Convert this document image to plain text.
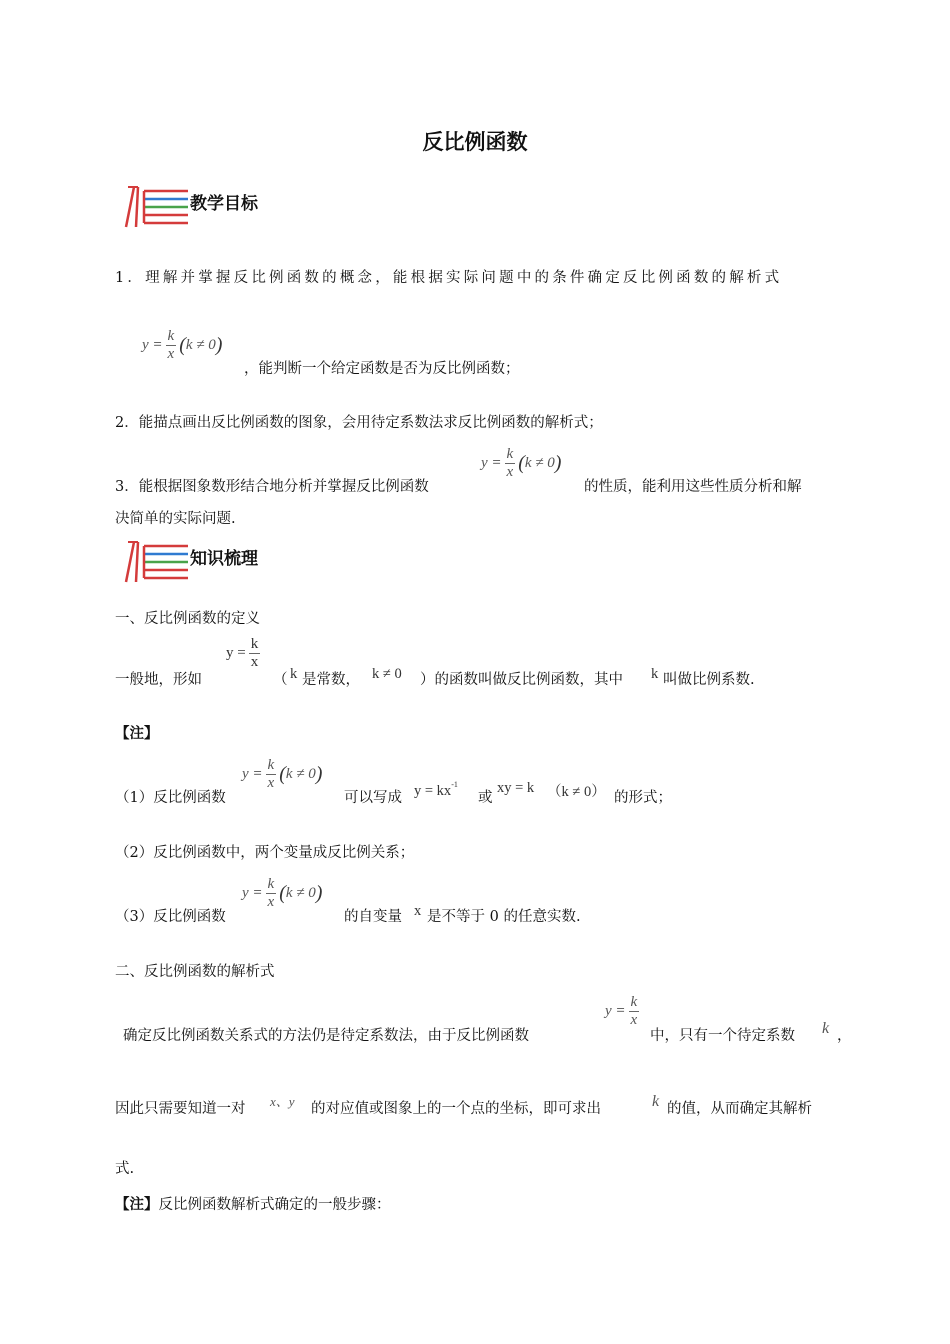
反比例函数
教学目标
1．理解并掌握反比例函数的概念，能根据实际问题中的条件确定反比例函数的解析式
y
= $\frac{k}{x}$ ( k ≠ 0 )
，能判断一个给定函数是否为反比例函数；
2．能描点画出反比例函数的图象，会用待定系数法求反比例函数的解析式；
3．能根据图象数形结合地分析并掌握反比例函数
y
= $\frac{k}{x}$ ( k ≠ 0 )
的性质，能利用这些性质分析和解
决简单的实际问题.
知识梳理
一、反比例函数的定义
y
= $\frac{k}{x}$
一般地，形如	（ k 是常数， k ≠ 0 ）的函数叫做反比例函数，其中 k 叫做比例系数.
【注】
（1）反比例函数
y
= $\frac{k}{x}$ ( k ≠ 0 )
可以写成 $y = kx^{-1}$
或
xy = k （k ≠ 0） 的形式；
（2）反比例函数中，两个变量成反比例关系；
（3）反比例函数
y
= $\frac{k}{x}$ ( k ≠ 0 )
的自变量 x 是不等于 0 的任意实数.
二、反比例函数的解析式
确定反比例函数关系式的方法仍是待定系数法，由于反比例函数
y
= $\frac{k}{x}$
中，只有一个待定系数 k ，
因此只需要知道一对 x、y 的对应值或图象上的一个点的坐标，即可求出	k 的值，从而确定其解析
式.
【注】反比例函数解析式确定的一般步骤：
